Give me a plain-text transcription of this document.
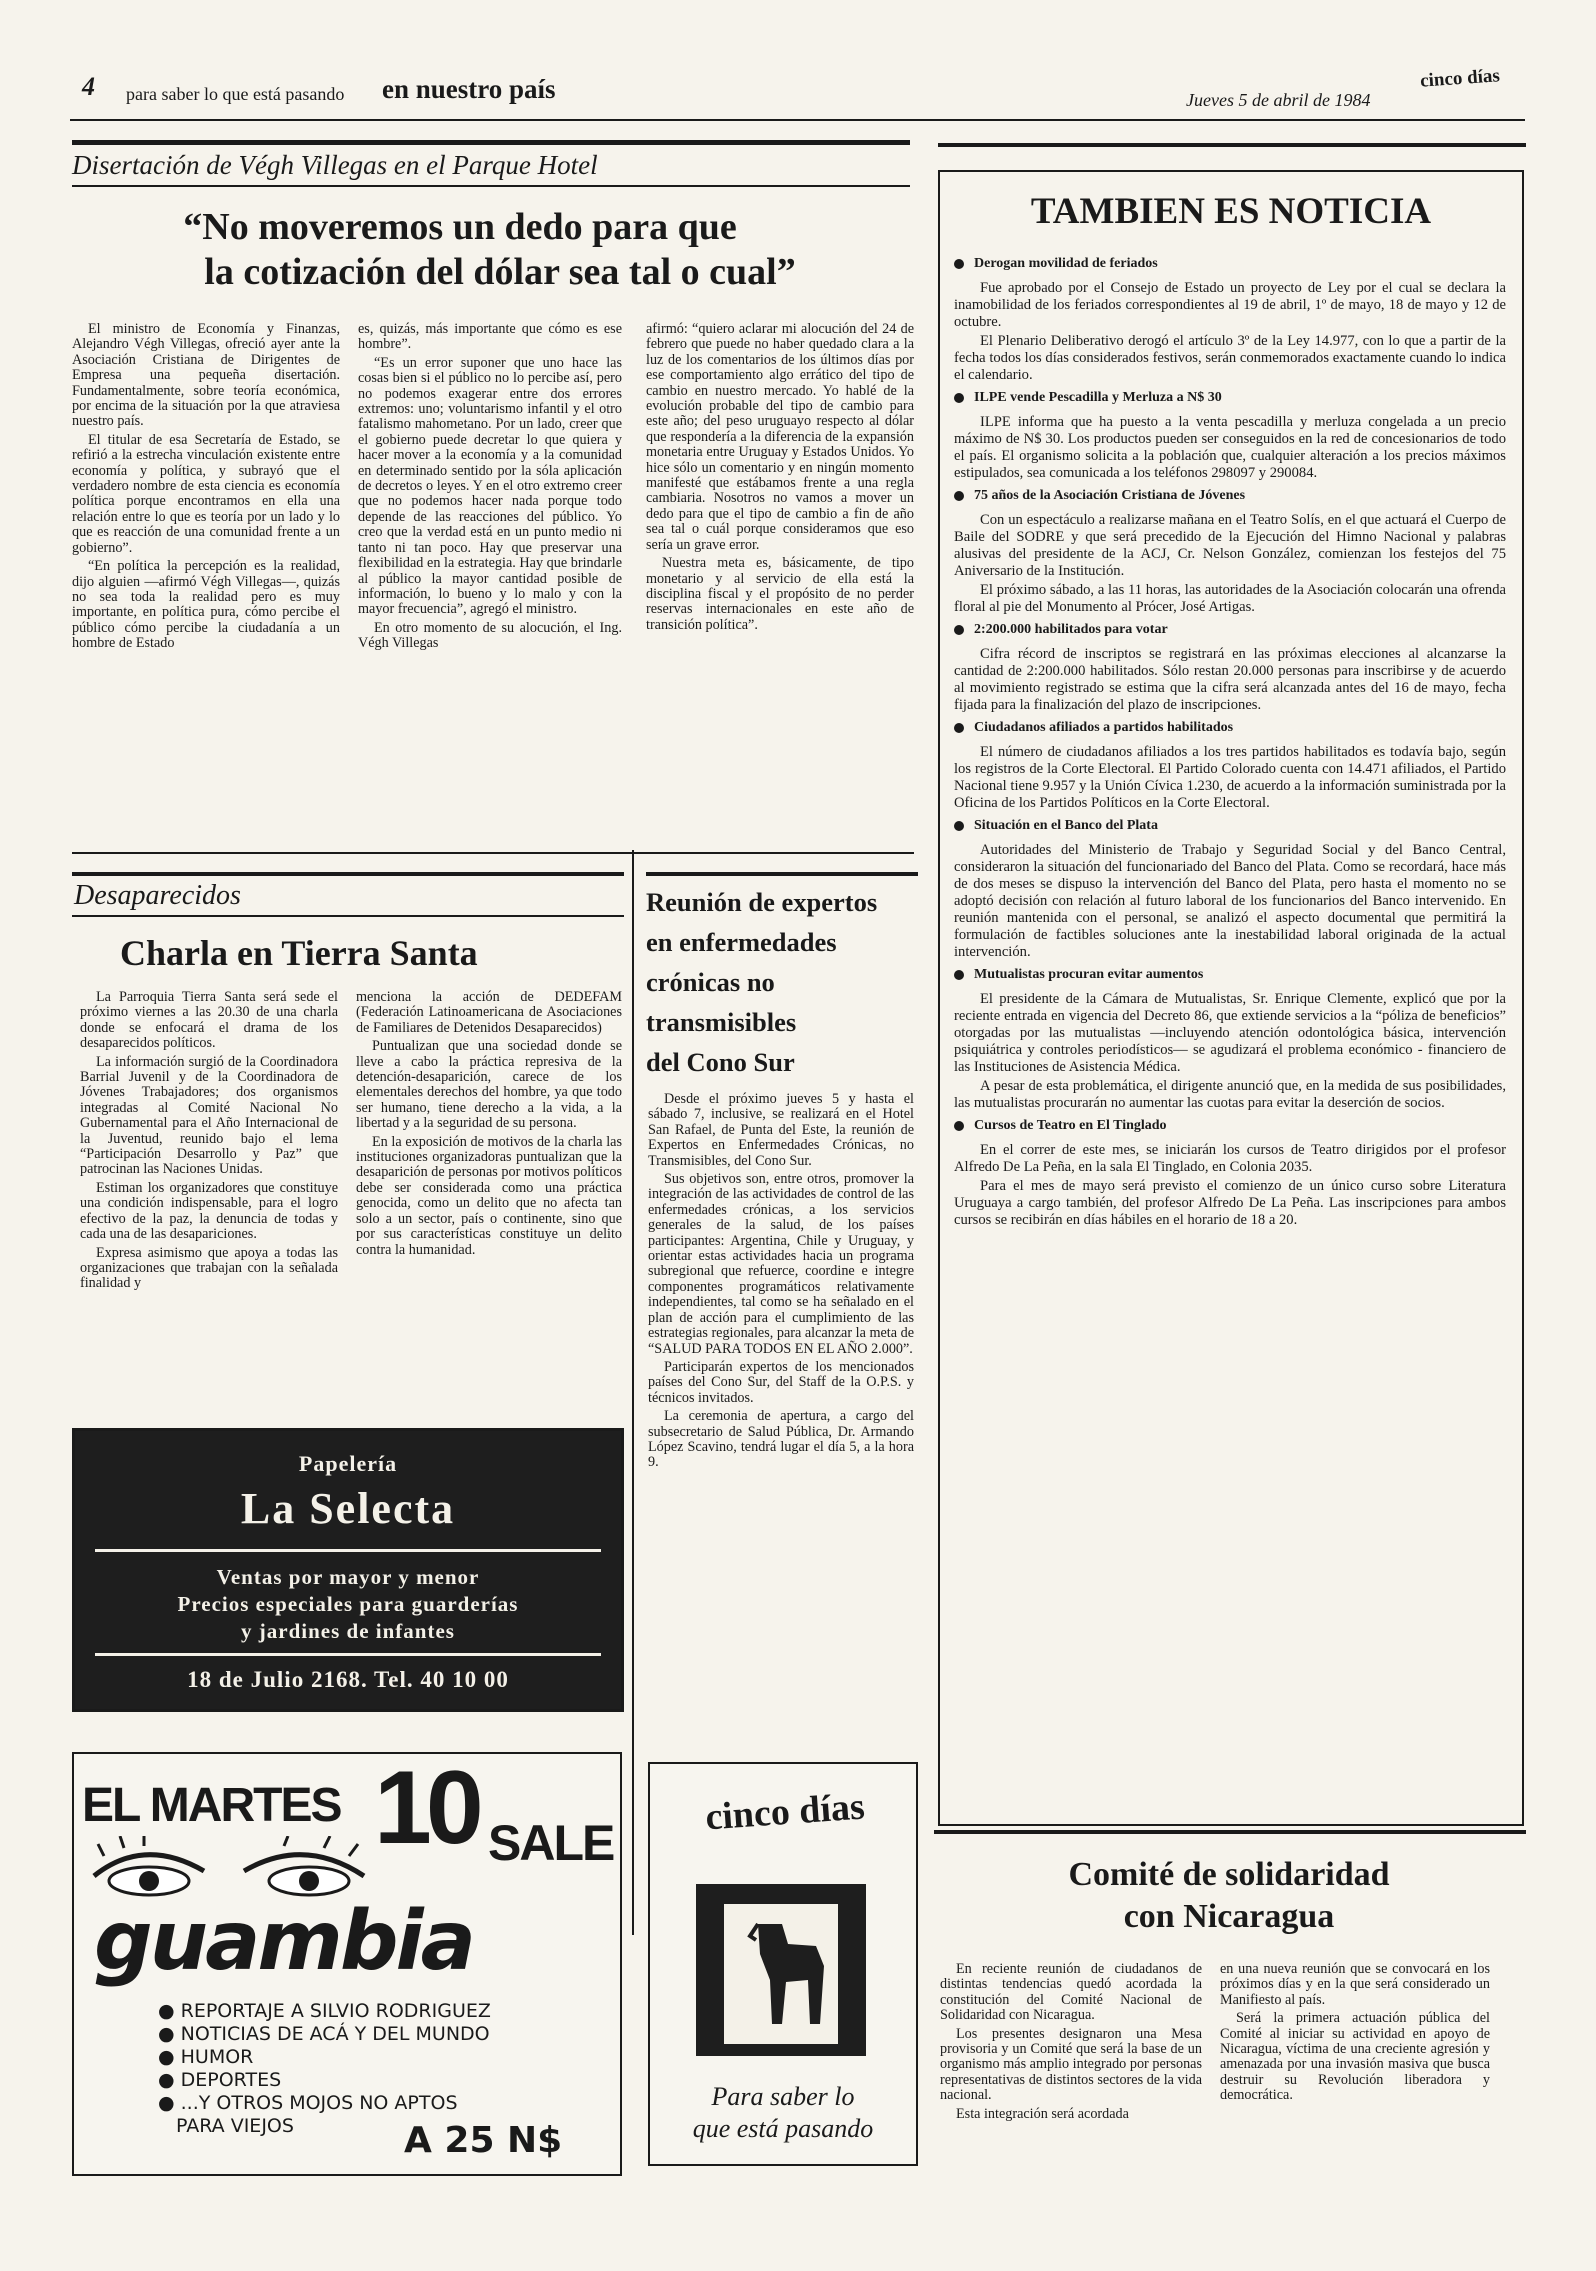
4 para saber lo que está pasando en nuestro país	Jueves 5 de abril de 1984
cinco días
Disertación de Végh Villegas en el Parque Hotel
“No moveremos un dedo para que
la cotización del dólar sea tal o cual”

El ministro de Economía y Finanzas, Alejandro Végh Villegas, ofreció ayer ante la Asociación Cristiana de Dirigentes de Empresa una pequeña disertación. Fundamentalmente, sobre teoría económica, por encima de la situación por la que atraviesa nuestro país.

El titular de esa Secretaría de Estado, se refirió a la estrecha vinculación existente entre economía y política, y subrayó que el verdadero nombre de esta ciencia es economía política porque encontramos en ella una relación entre lo que es teoría por un lado y lo que es reacción de una comunidad frente a un gobierno”.

“En política la percepción es la realidad, dijo alguien —afirmó Végh Villegas—, quizás no sea toda la realidad pero es muy importante, en política pura, cómo percibe el público cómo percibe la ciudadanía a un hombre de Estado

es, quizás, más importante que cómo es ese hombre”.

“Es un error suponer que uno hace las cosas bien si el público no lo percibe así, pero no podemos exagerar entre dos errores extremos: uno; voluntarismo infantil y el otro fatalismo mahometano. Por un lado, creer que el gobierno puede decretar lo que quiera y hacer mover a la economía y a la comunidad en determinado sentido por la sóla aplicación de decretos o leyes. Y en el otro extremo creer que no podemos hacer nada porque todo depende de las reacciones del público. Yo creo que la verdad está en un punto medio ni tanto ni tan poco. Hay que preservar una flexibilidad en la estrategia. Hay que brindarle al público la mayor cantidad posible de información, lo bueno y lo malo y con la mayor frecuencia”, agregó el ministro.

En otro momento de su alocución, el Ing. Végh Villegas

afirmó: “quiero aclarar mi alocución del 24 de febrero que puede no haber quedado clara a la luz de los comentarios de los últimos días por ese comportamiento algo errático del tipo de cambio en nuestro mercado. Yo hablé de la evolución probable del tipo de cambio para este año; del peso uruguayo respecto al dólar que respondería a la diferencia de la expansión monetaria entre Uruguay y Estados Unidos. Yo hice sólo un comentario y en ningún momento manifesté que estábamos frente a una regla cambiaria. Nosotros no vamos a mover un dedo para que el tipo de cambio a fin de año sea tal o cuál porque consideramos que eso sería un grave error.

Nuestra meta es, básicamente, de tipo monetario y al servicio de ella está la disciplina fiscal y el propósito de no perder reservas internacionales en este año de transición política”.

TAMBIEN ES NOTICIA
Derogan movilidad de feriados

Fue aprobado por el Consejo de Estado un proyecto de Ley por el cual se declara la inamobilidad de los feriados correspondientes al 19 de abril, 1º de mayo, 18 de mayo y 12 de octubre.

El Plenario Deliberativo derogó el artículo 3º de la Ley 14.977, con lo que a partir de la fecha todos los días considerados festivos, serán conmemorados exactamente cuando lo indica el calendario.

ILPE vende Pescadilla y Merluza a N$ 30

ILPE informa que ha puesto a la venta pescadilla y merluza congelada a un precio máximo de N$ 30. Los productos pueden ser conseguidos en la red de concesionarios de todo el país. El organismo solicita a la población que, cualquier alteración a los precios máximos estipulados, sea comunicada a los teléfonos 298097 y 290084.

75 años de la Asociación Cristiana de Jóvenes

Con un espectáculo a realizarse mañana en el Teatro Solís, en el que actuará el Cuerpo de Baile del SODRE y que será precedido de la Ejecución del Himno Nacional y palabras alusivas del presidente de la ACJ, Cr. Nelson González, comienzan los festejos del 75 Aniversario de la Institución.

El próximo sábado, a las 11 horas, las autoridades de la Asociación colocarán una ofrenda floral al pie del Monumento al Prócer, José Artigas.

2:200.000 habilitados para votar

Cifra récord de inscriptos se registrará en las próximas elecciones al alcanzarse la cantidad de 2:200.000 habilitados. Sólo restan 20.000 personas para inscribirse y de acuerdo al movimiento registrado se estima que la cifra será alcanzada antes del 16 de mayo, fecha fijada para la finalización del plazo de inscripciones.

Ciudadanos afiliados a partidos habilitados

El número de ciudadanos afiliados a los tres partidos habilitados es todavía bajo, según los registros de la Corte Electoral. El Partido Colorado cuenta con 14.471 afiliados, el Partido Nacional tiene 9.957 y la Unión Cívica 1.230, de acuerdo a la información suministrada por la Oficina de los Partidos Políticos en la Corte Electoral.

Situación en el Banco del Plata

Autoridades del Ministerio de Trabajo y Seguridad Social y del Banco Central, consideraron la situación del funcionariado del Banco del Plata. Como se recordará, hace más de dos meses se dispuso la intervención del Banco del Plata, pero hasta el momento no se adoptó decisión con relación al futuro laboral de los funcionarios del Banco intervenido. En reunión mantenida con el personal, se analizó el aspecto documental que permitirá la formulación de factibles soluciones ante la inestabilidad laboral originada de la actual intervención.

Mutualistas procuran evitar aumentos

El presidente de la Cámara de Mutualistas, Sr. Enrique Clemente, explicó que por la reciente entrada en vigencia del Decreto 86, que extiende servicios a la “póliza de beneficios” otorgadas por las mutualistas —incluyendo atención odontológica básica, intervención psiquiátrica y controles periodísticos— se agudizará el problema económico - financiero de las Instituciones de Asistencia Médica.

A pesar de esta problemática, el dirigente anunció que, en la medida de sus posibilidades, las mutualistas procurarán no aumentar las cuotas para evitar la deserción de socios.

Cursos de Teatro en El Tinglado

En el correr de este mes, se iniciarán los cursos de Teatro dirigidos por el profesor Alfredo De La Peña, en la sala El Tinglado, en Colonia 2035.

Para el mes de mayo será previsto el comienzo de un único curso sobre Literatura Uruguaya a cargo también, del profesor Alfredo De La Peña. Las inscripciones para ambos cursos se recibirán en días hábiles en el horario de 18 a 20.

Desaparecidos
Charla en Tierra Santa

La Parroquia Tierra Santa será sede el próximo viernes a las 20.30 de una charla donde se enfocará el drama de los desaparecidos políticos.

La información surgió de la Coordinadora Barrial Juvenil y de la Coordinadora de Jóvenes Trabajadores; dos organismos integradas al Comité Nacional No Gubernamental para el Año Internacional de la Juventud, reunido bajo el lema “Participación Desarrollo y Paz” que patrocinan las Naciones Unidas.

Estiman los organizadores que constituye una condición indispensable, para el logro efectivo de la paz, la denuncia de todas y cada una de las desapariciones.

Expresa asimismo que apoya a todas las organizaciones que trabajan con la señalada finalidad y

menciona la acción de DEDEFAM (Federación Latinoamericana de Asociaciones de Familiares de Detenidos Desaparecidos)

Puntualizan que una sociedad donde se lleve a cabo la práctica represiva de la detención-desaparición, carece de los elementales derechos del hombre, ya que todo ser humano, tiene derecho a la vida, a la libertad y a la seguridad de su persona.

En la exposición de motivos de la charla las instituciones organizadoras puntualizan que la desaparición de personas por motivos políticos debe ser considerada como una práctica genocida, como un delito que no afecta tan solo a un sector, país o continente, sino que por sus características constituye un delito contra la humanidad.

Reunión de expertos
en enfermedades
crónicas no
transmisibles
del Cono Sur

Desde el próximo jueves 5 y hasta el sábado 7, inclusive, se realizará en el Hotel San Rafael, de Punta del Este, la reunión de Expertos en Enfermedades Crónicas, no Transmisibles, del Cono Sur.

Sus objetivos son, entre otros, promover la integración de las actividades de control de las enfermedades crónicas, a los servicios generales de la salud, de los países participantes: Argentina, Chile y Uruguay, y orientar estas actividades hacia un programa subregional que refuerce, coordine e integre componentes programáticos relativamente independientes, tal como se ha señalado en el plan de acción para el cumplimiento de las estrategias regionales, para alcanzar la meta de “SALUD PARA TODOS EN EL AÑO 2.000”.

Participarán expertos de los mencionados países del Cono Sur, del Staff de la O.P.S. y técnicos invitados.

La ceremonia de apertura, a cargo del subsecretario de Salud Pública, Dr. Armando López Scavino, tendrá lugar el día 5, a la hora 9.

Papelería
La Selecta
Ventas por mayor y menor
Precios especiales para guarderías
y jardines de infantes
18 de Julio 2168. Tel. 40 10 00
EL MARTES 10 SALE
guambia
● REPORTAJE A SILVIO RODRIGUEZ
● NOTICIAS DE ACÁ Y DEL MUNDO
● HUMOR
● DEPORTES
● ...Y OTROS MOJOS NO APTOS
PARA VIEJOS	A 25 N$
cinco días
Para saber lo
que está pasando
Comité de solidaridad
con Nicaragua

En reciente reunión de ciudadanos de distintas tendencias quedó acordada la constitución del Comité Nacional de Solidaridad con Nicaragua.

Los presentes designaron una Mesa provisoria y un Comité que será la base de un organismo más amplio integrado por personas representativas de distintos sectores de la vida nacional.

Esta integración será acordada

en una nueva reunión que se convocará en los próximos días y en la que será considerado un Manifiesto al país.

Será la primera actuación pública del Comité al iniciar su actividad en apoyo de Nicaragua, víctima de una creciente agresión y amenazada por una invasión masiva que busca destruir su Revolución liberadora y democrática.
